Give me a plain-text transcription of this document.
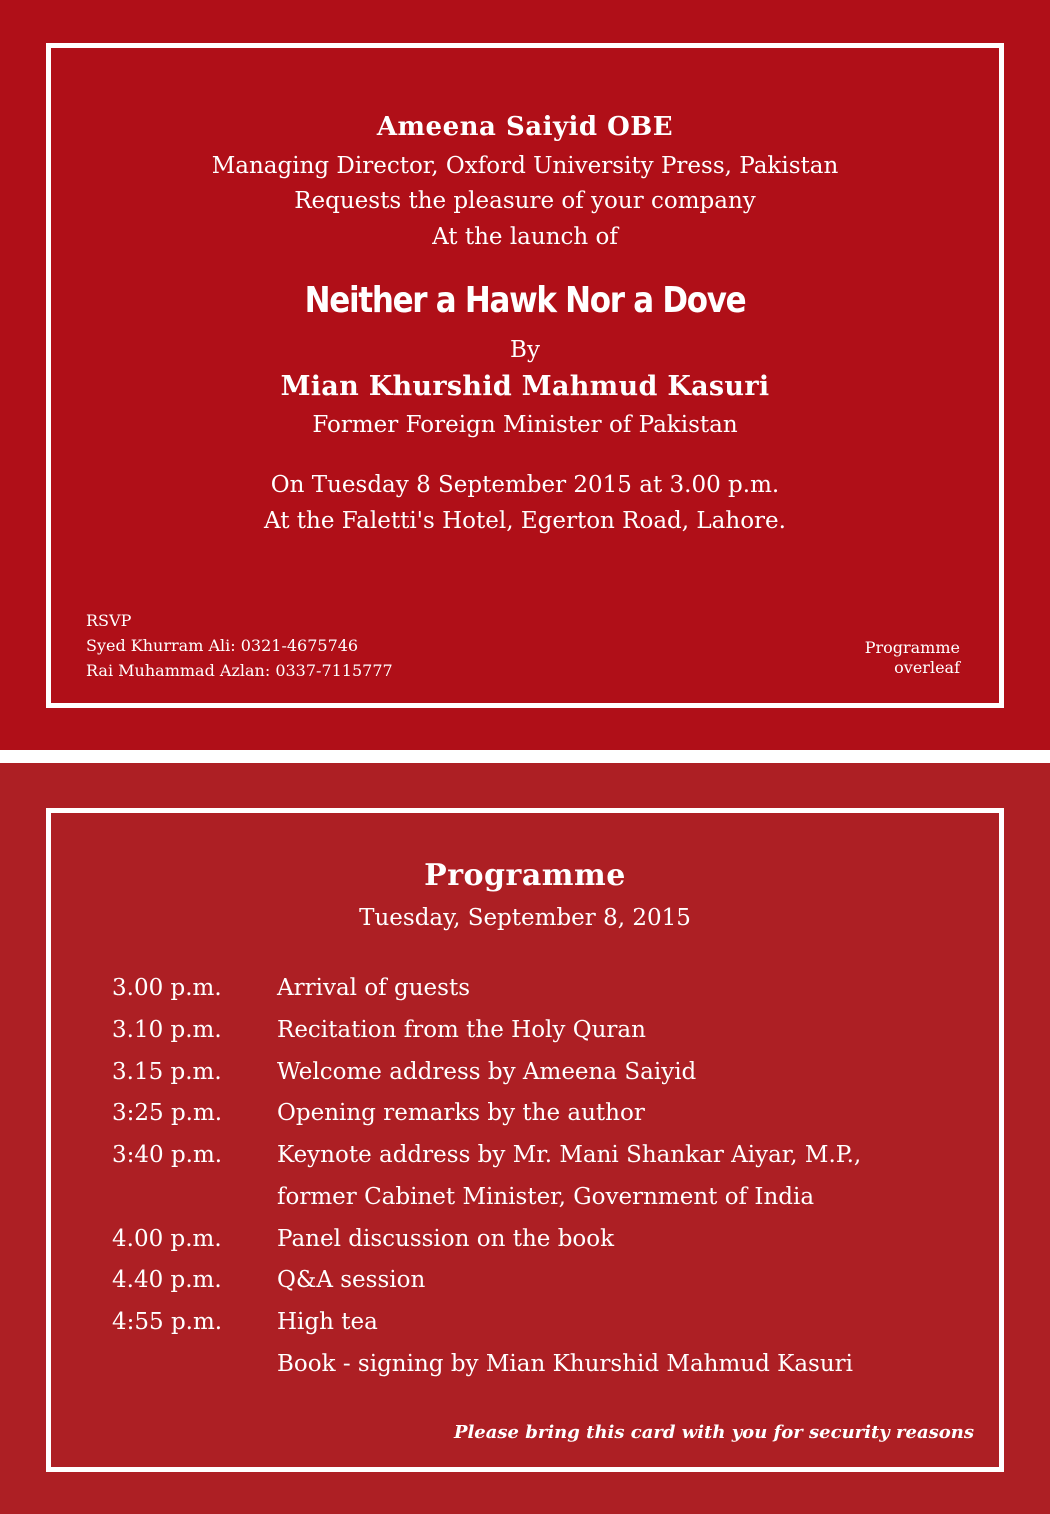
Ameena Saiyid OBE
Managing Director, Oxford University Press, Pakistan
Requests the pleasure of your company
At the launch of
Neither a Hawk Nor a Dove
By
Mian Khurshid Mahmud Kasuri
Former Foreign Minister of Pakistan
On Tuesday 8 September 2015 at 3.00 p.m.
At the Faletti's Hotel, Egerton Road, Lahore.
RSVP
Syed Khurram Ali: 0321-4675746
Rai Muhammad Azlan: 0337-7115777
Programme
overleaf
Programme
Tuesday, September 8, 2015
3.00 p.m. Arrival of guests
3.10 p.m. Recitation from the Holy Quran
3.15 p.m. Welcome address by Ameena Saiyid
3:25 p.m. Opening remarks by the author
3:40 p.m. Keynote address by Mr. Mani Shankar Aiyar, M.P.,
former Cabinet Minister, Government of India
4.00 p.m. Panel discussion on the book
4.40 p.m. Q&A session
4:55 p.m. High tea
Book - signing by Mian Khurshid Mahmud Kasuri
Please bring this card with you for security reasons
